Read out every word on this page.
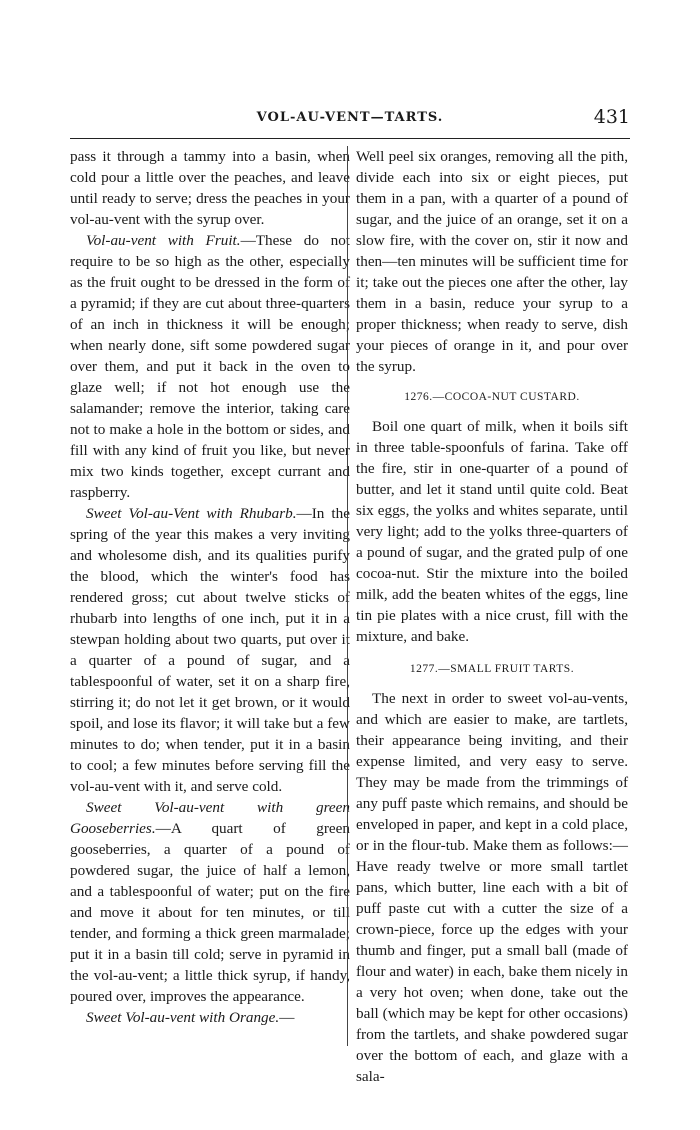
VOL-AU-VENT—TARTS.	431

pass it through a tammy into a basin, when cold pour a little over the peaches, and leave until ready to serve; dress the peaches in your vol-au-vent with the syrup over.

Vol-au-vent with Fruit.—These do not require to be so high as the other, especially as the fruit ought to be dressed in the form of a pyramid; if they are cut about three-quarters of an inch in thickness it will be enough; when nearly done, sift some powdered sugar over them, and put it back in the oven to glaze well; if not hot enough use the salamander; remove the interior, taking care not to make a hole in the bottom or sides, and fill with any kind of fruit you like, but never mix two kinds together, except currant and raspberry.

Sweet Vol-au-Vent with Rhubarb.—In the spring of the year this makes a very inviting and wholesome dish, and its qualities purify the blood, which the winter's food has rendered gross; cut about twelve sticks of rhubarb into lengths of one inch, put it in a stewpan holding about two quarts, put over it a quarter of a pound of sugar, and a tablespoonful of water, set it on a sharp fire, stirring it; do not let it get brown, or it would spoil, and lose its flavor; it will take but a few minutes to do; when tender, put it in a basin to cool; a few minutes before serving fill the vol-au-vent with it, and serve cold.

Sweet Vol-au-vent with green Gooseberries.—A quart of green gooseberries, a quarter of a pound of powdered sugar, the juice of half a lemon, and a tablespoonful of water; put on the fire and move it about for ten minutes, or till tender, and forming a thick green marmalade; put it in a basin till cold; serve in pyramid in the vol-au-vent; a little thick syrup, if handy, poured over, improves the appearance.

Sweet Vol-au-vent with Orange.—

Well peel six oranges, removing all the pith, divide each into six or eight pieces, put them in a pan, with a quarter of a pound of sugar, and the juice of an orange, set it on a slow fire, with the cover on, stir it now and then—ten minutes will be sufficient time for it; take out the pieces one after the other, lay them in a basin, reduce your syrup to a proper thickness; when ready to serve, dish your pieces of orange in it, and pour over the syrup.

1276.—COCOA-NUT CUSTARD.

Boil one quart of milk, when it boils sift in three table-spoonfuls of farina. Take off the fire, stir in one-quarter of a pound of butter, and let it stand until quite cold. Beat six eggs, the yolks and whites separate, until very light; add to the yolks three-quarters of a pound of sugar, and the grated pulp of one cocoa-nut. Stir the mixture into the boiled milk, add the beaten whites of the eggs, line tin pie plates with a nice crust, fill with the mixture, and bake.

1277.—SMALL FRUIT TARTS.

The next in order to sweet vol-au-vents, and which are easier to make, are tartlets, their appearance being inviting, and their expense limited, and very easy to serve. They may be made from the trimmings of any puff paste which remains, and should be enveloped in paper, and kept in a cold place, or in the flour-tub. Make them as follows:—Have ready twelve or more small tartlet pans, which butter, line each with a bit of puff paste cut with a cutter the size of a crown-piece, force up the edges with your thumb and finger, put a small ball (made of flour and water) in each, bake them nicely in a very hot oven; when done, take out the ball (which may be kept for other occasions) from the tartlets, and shake powdered sugar over the bottom of each, and glaze with a sala-
